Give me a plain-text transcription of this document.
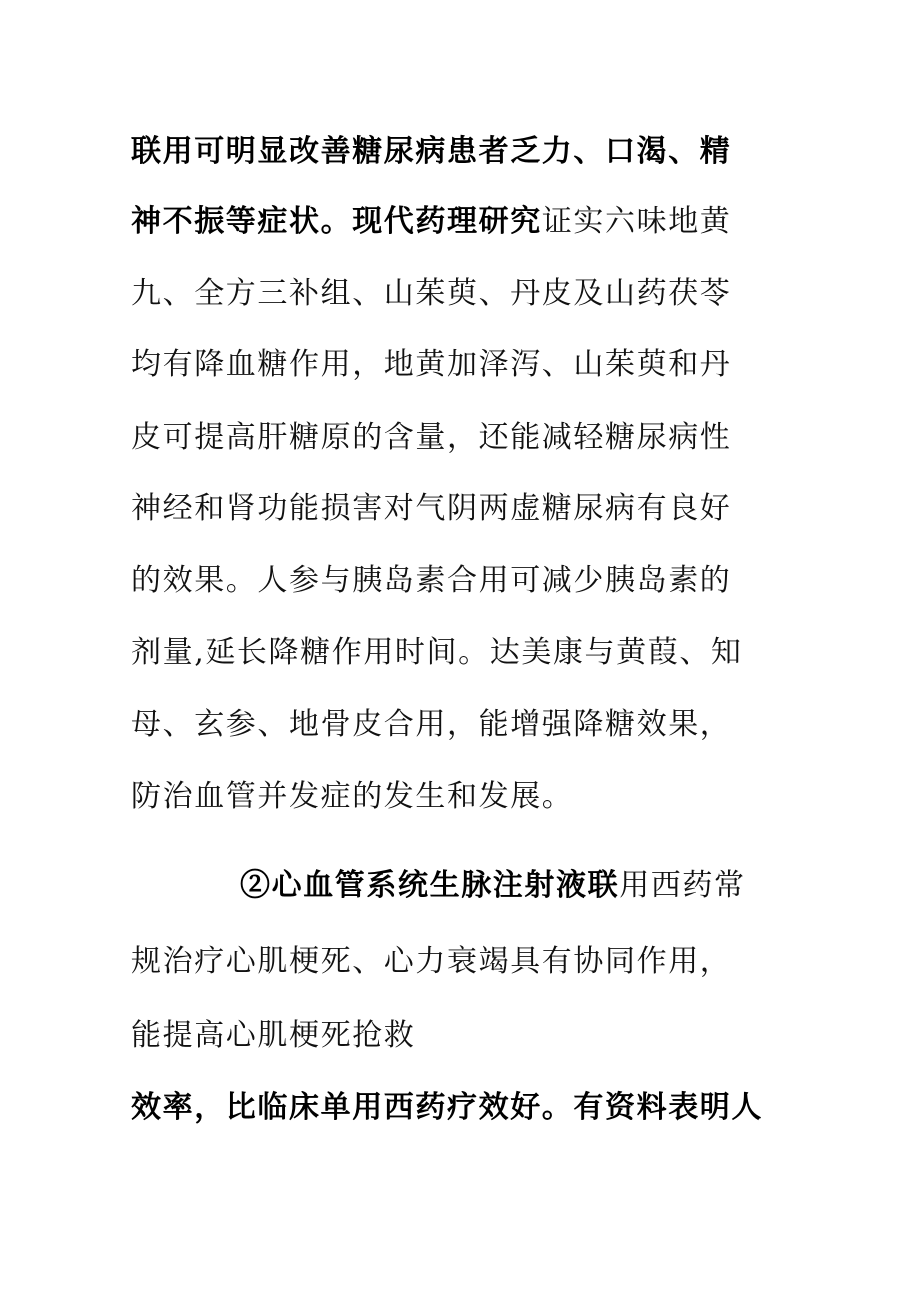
联用可明显改善糖尿病患者乏力、口渴、精
神不振等症状。现代药理研究证实六味地黄
九、全方三补组、山茱萸、丹皮及山药茯苓
均有降血糖作用，地黄加泽泻、山茱萸和丹
皮可提高肝糖原的含量，还能减轻糖尿病性
神经和肾功能损害对气阴两虚糖尿病有良好
的效果。人参与胰岛素合用可减少胰岛素的
剂量,延长降糖作用时间。达美康与黄葭、知
母、玄参、地骨皮合用，能增强降糖效果，
防治血管并发症的发生和发展。
②心血管系统生脉注射液联用西药常
规治疗心肌梗死、心力衰竭具有协同作用，
能提高心肌梗死抢救
效率，比临床单用西药疗效好。有资料表明人
